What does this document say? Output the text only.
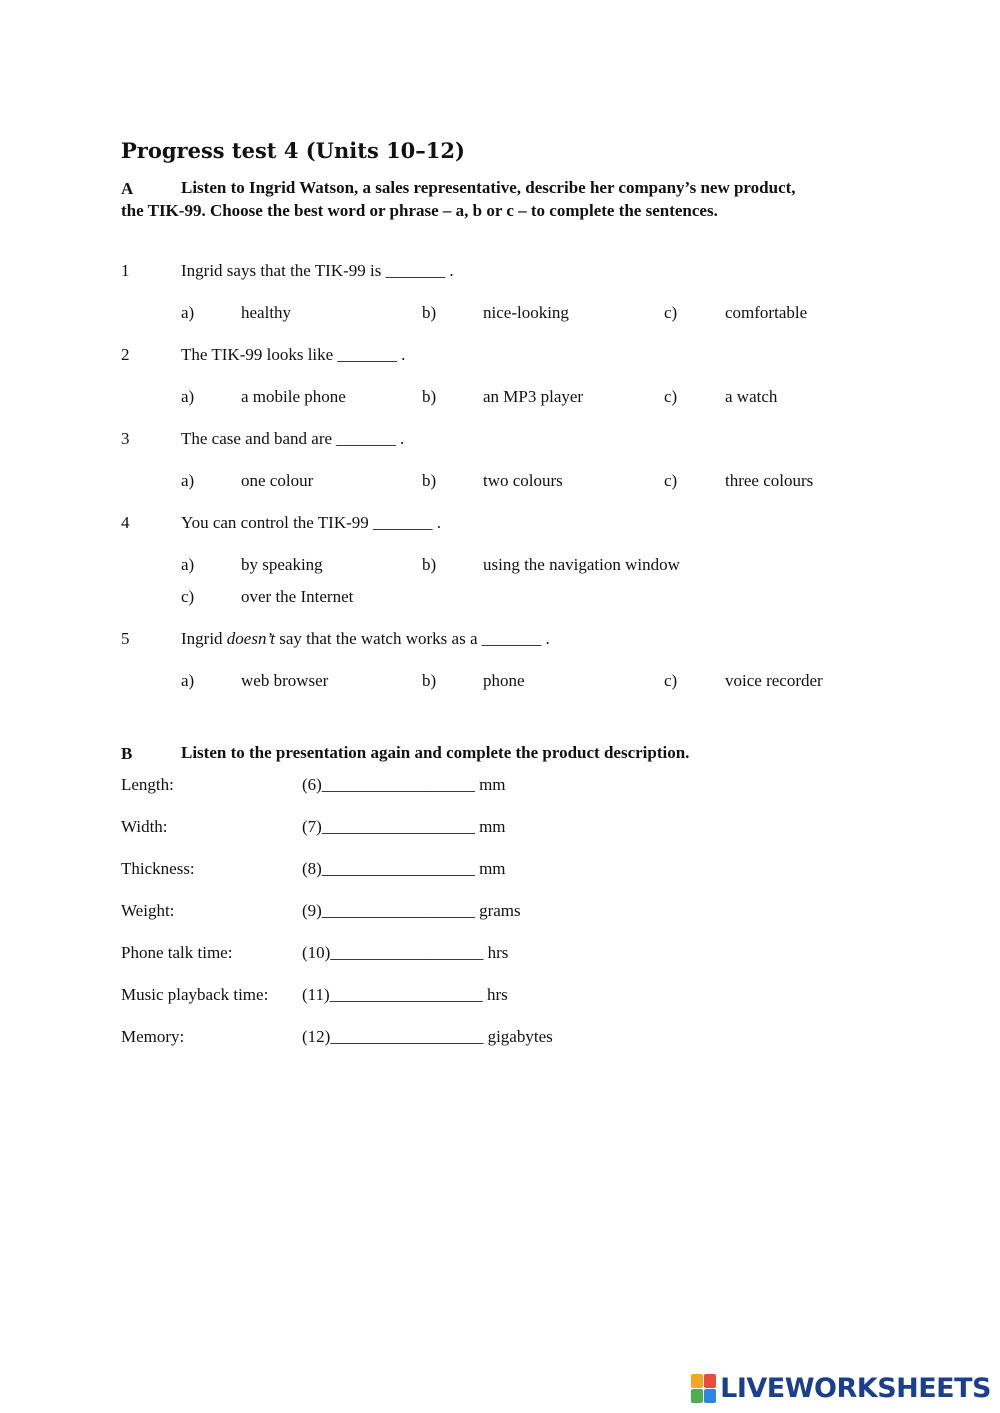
Progress test 4 (Units 10–12)
A	Listen to Ingrid Watson, a sales representative, describe her company’s new product,
the TIK-99. Choose the best word or phrase – a, b or c – to complete the sentences.
1	Ingrid says that the TIK-99 is _______ .
a)	healthy	b)	nice-looking	c)	comfortable
2	The TIK-99 looks like _______ .
a)	a mobile phone	b)	an MP3 player	c)	a watch
3	The case and band are _______ .
a)	one colour	b)	two colours	c)	three colours
4	You can control the TIK-99 _______ .
a)	by speaking	b)	using the navigation window
c)	over the Internet
5	Ingrid doesn’t say that the watch works as a _______ .
a)	web browser	b)	phone	c)	voice recorder
B	Listen to the presentation again and complete the product description.
Length:	(6)__________________ mm
Width:	(7)__________________ mm
Thickness:	(8)__________________ mm
Weight:	(9)__________________ grams
Phone talk time:	(10)__________________ hrs
Music playback time: (11)__________________ hrs
Memory:	(12)__________________ gigabytes
LIVEWORKSHEETS
